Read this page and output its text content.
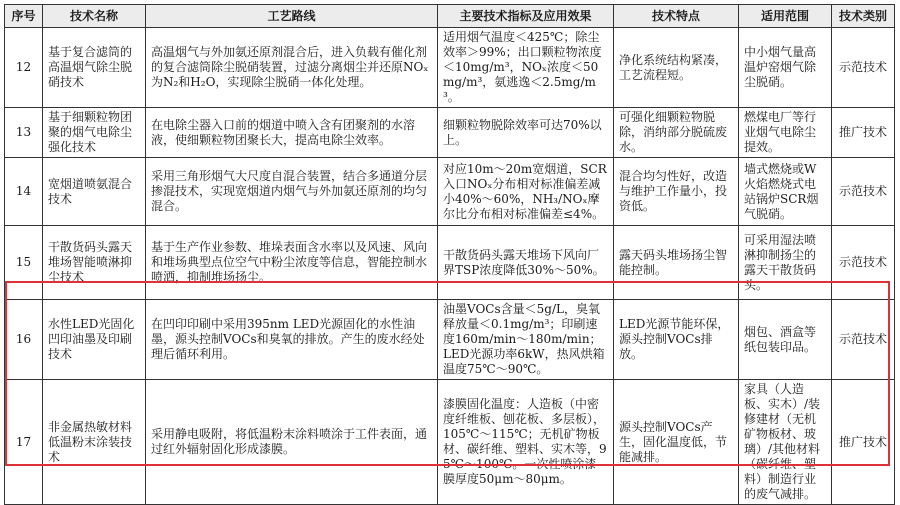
序号	技术名称	工艺路线	主要技术指标及应用效果	技术特点	适用范围	技术类别
12	基于复合滤筒的高温烟气除尘脱硝技术	高温烟气与外加氨还原剂混合后，进入负载有催化剂的复合滤筒除尘脱硝装置，过滤分离烟尘并还原NOₓ为N₂和H₂O，实现除尘脱硝一体化处理。	适用烟气温度＜425℃；除尘效率＞99%；出口颗粒物浓度＜10mg/m³，NOₓ浓度＜50mg/m³，氨逃逸＜2.5mg/m³。	净化系统结构紧凑，工艺流程短。	中小烟气量高温炉窑烟气除尘脱硝。	示范技术
13	基于细颗粒物团聚的烟气电除尘强化技术	在电除尘器入口前的烟道中喷入含有团聚剂的水溶液，使细颗粒物团聚长大，提高电除尘效率。	细颗粒物脱除效率可达70%以上。	可强化细颗粒物脱除，消纳部分脱硫废水。	燃煤电厂等行业烟气电除尘提效。	推广技术
14	宽烟道喷氨混合技术	采用三角形烟气大尺度自混合装置，结合多通道分层掺混技术，实现宽烟道内烟气与外加氨还原剂的均匀混合。	对应10m～20m宽烟道，SCR入口NOₓ分布相对标准偏差减小40%～60%，NH₃/NOₓ摩尔比分布相对标准偏差≤4%。	混合均匀性好，改造与维护工作量小，投资低。	墙式燃烧或W火焰燃烧式电站锅炉SCR烟气脱硝。	示范技术
15	干散货码头露天堆场智能喷淋抑尘技术	基于生产作业参数、堆垛表面含水率以及风速、风向和堆场典型点位空气中粉尘浓度等信息，智能控制水喷洒，抑制堆场扬尘。	干散货码头露天堆场下风向厂界TSP浓度降低30%～50%。	露天码头堆场扬尘智能控制。	可采用湿法喷淋抑制扬尘的露天干散货码头。	示范技术
16	水性LED光固化凹印油墨及印刷技术	在凹印印刷中采用395nm LED光源固化的水性油墨，源头控制VOCs和臭氧的排放。产生的废水经处理后循环利用。	油墨VOCs含量＜5g/L，臭氧释放量＜0.1mg/m³；印刷速度160m/min～180m/min；LED光源功率6kW，热风烘箱温度75℃～90℃。	LED光源节能环保，源头控制VOCs排放。	烟包、酒盒等纸包装印品。	示范技术
17	非金属热敏材料低温粉末涂装技术	采用静电吸附，将低温粉末涂料喷涂于工件表面，通过红外辐射固化形成漆膜。	漆膜固化温度：人造板（中密度纤维板、刨花板、多层板），105℃～115℃；无机矿物板材、碳纤维、塑料、实木等，95℃～100℃。一次性喷涂漆膜厚度50μm～80μm。	源头控制VOCs产生，固化温度低，节能减排。	家具（人造板、实木）/装修建材（无机矿物板材、玻璃）/其他材料（碳纤维、塑料）制造行业的废气减排。	推广技术
